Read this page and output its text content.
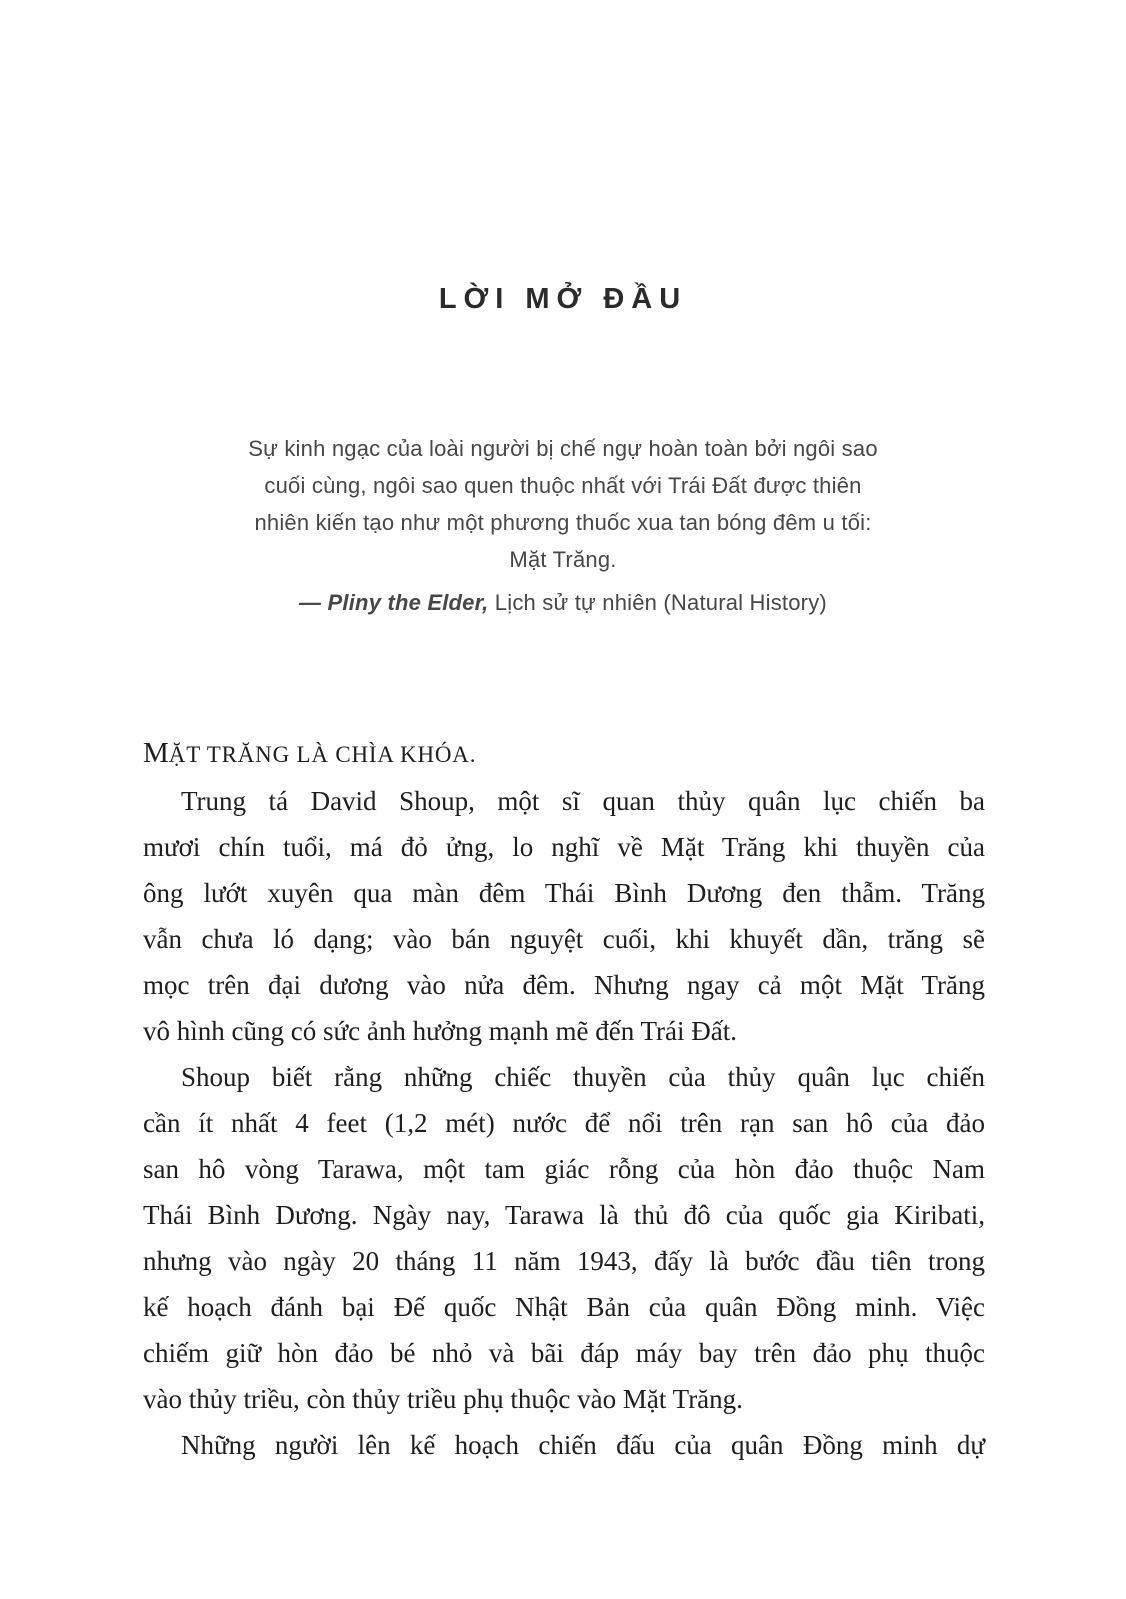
LỜI MỞ ĐẦU
Sự kinh ngạc của loài người bị chế ngự hoàn toàn bởi ngôi sao
cuối cùng, ngôi sao quen thuộc nhất với Trái Đất được thiên
nhiên kiến tạo như một phương thuốc xua tan bóng đêm u tối:
Mặt Trăng.
— Pliny the Elder, Lịch sử tự nhiên (Natural History)
MẶT TRĂNG LÀ CHÌA KHÓA.
Trung tá David Shoup, một sĩ quan thủy quân lục chiến ba
mươi chín tuổi, má đỏ ửng, lo nghĩ về Mặt Trăng khi thuyền của
ông lướt xuyên qua màn đêm Thái Bình Dương đen thẫm. Trăng
vẫn chưa ló dạng; vào bán nguyệt cuối, khi khuyết dần, trăng sẽ
mọc trên đại dương vào nửa đêm. Nhưng ngay cả một Mặt Trăng
vô hình cũng có sức ảnh hưởng mạnh mẽ đến Trái Đất.
Shoup biết rằng những chiếc thuyền của thủy quân lục chiến
cần ít nhất 4 feet (1,2 mét) nước để nổi trên rạn san hô của đảo
san hô vòng Tarawa, một tam giác rỗng của hòn đảo thuộc Nam
Thái Bình Dương. Ngày nay, Tarawa là thủ đô của quốc gia Kiribati,
nhưng vào ngày 20 tháng 11 năm 1943, đấy là bước đầu tiên trong
kế hoạch đánh bại Đế quốc Nhật Bản của quân Đồng minh. Việc
chiếm giữ hòn đảo bé nhỏ và bãi đáp máy bay trên đảo phụ thuộc
vào thủy triều, còn thủy triều phụ thuộc vào Mặt Trăng.
Những người lên kế hoạch chiến đấu của quân Đồng minh dự
